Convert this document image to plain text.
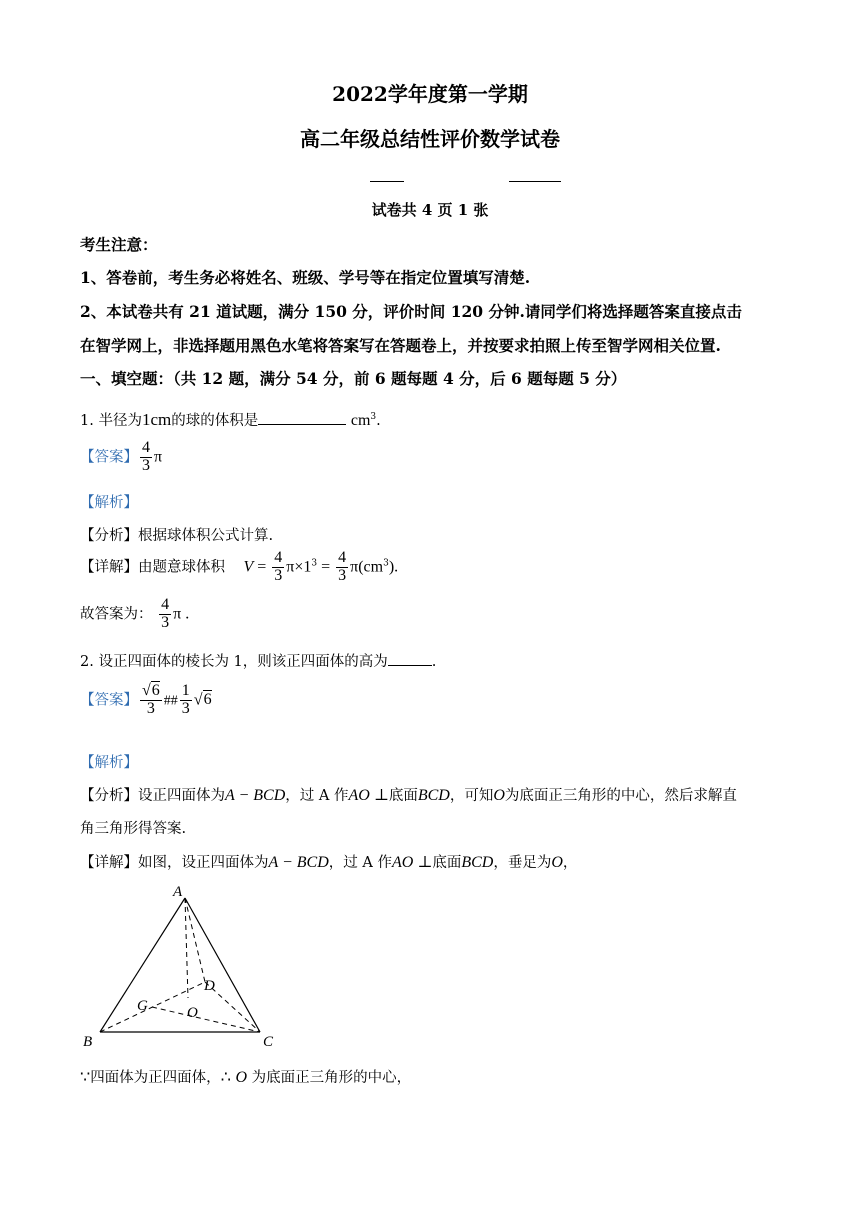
2022学年度第一学期
高二年级总结性评价数学试卷
试卷共 4 页 1 张
考生注意：
1、答卷前，考生务必将姓名、班级、学号等在指定位置填写清楚.
2、本试卷共有 21 道试题，满分 150 分，评价时间 120 分钟.请同学们将选择题答案直接点击
在智学网上，非选择题用黑色水笔将答案写在答题卷上，并按要求拍照上传至智学网相关位置.
一、填空题：（共 12 题，满分 54 分，前 6 题每题 4 分，后 6 题每题 5 分）
1. 半径为1cm的球的体积是	$cm^3$.
【答案】 $\frac{4}{3}$ π
【解析】
【分析】根据球体积公式计算.
【详解】由题意球体积 $V = \frac{4}{3} \pi\times 1^3 = \frac{4}{3} \pi(cm^3)$.
故答案为： $\frac{4}{3}$ π .
2. 设正四面体的棱长为 1，则该正四面体的高为	.
【答案】 $\frac{√6}{3}$ ## $\frac{1}{3} √6$
【解析】
【分析】设正四面体为A − BCD，过 A 作AO ⊥底面BCD，可知O为底面正三角形的中心，然后求解直
角三角形得答案.
【详解】如图，设正四面体为A − BCD，过 A 作AO ⊥底面BCD，垂足为O，
A
B	C
D
G	O
∵四面体为正四面体，∴ O 为底面正三角形的中心，
